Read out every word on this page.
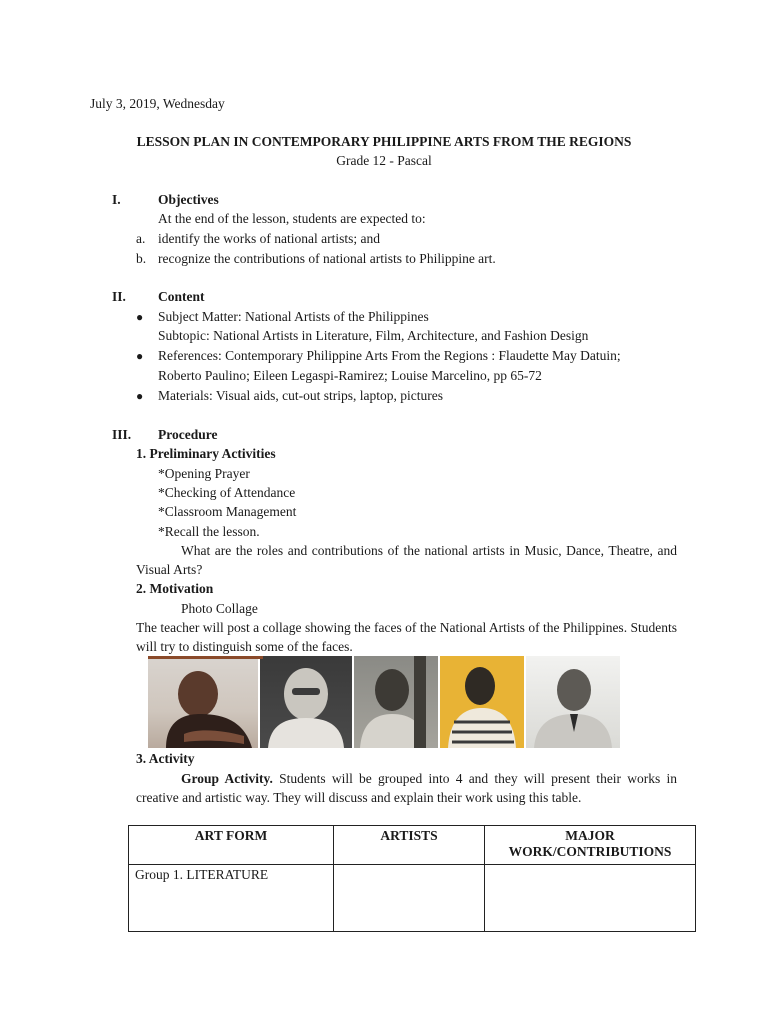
July 3, 2019, Wednesday
LESSON PLAN IN CONTEMPORARY PHILIPPINE ARTS FROM THE REGIONS
Grade 12 - Pascal
I.	Objectives
At the end of the lesson, students are expected to:
a. identify the works of national artists; and
b. recognize the contributions of national artists to Philippine art.
II. Content
● Subject Matter: National Artists of the Philippines
Subtopic: National Artists in Literature, Film, Architecture, and Fashion Design
● References: Contemporary Philippine Arts From the Regions : Flaudette May Datuin;
Roberto Paulino; Eileen Legaspi-Ramirez; Louise Marcelino, pp 65-72
● Materials: Visual aids, cut-out strips, laptop, pictures
III. Procedure
1. Preliminary Activities
*Opening Prayer
*Checking of Attendance
*Classroom Management
*Recall the lesson.
What are the roles and contributions of the national artists in Music, Dance, Theatre, and Visual Arts?
2. Motivation
Photo Collage
The teacher will post a collage showing the faces of the National Artists of the Philippines. Students will try to distinguish some of the faces.
3. Activity
Group Activity. Students will be grouped into 4 and they will present their works in creative and artistic way. They will discuss and explain their work using this table.
ART FORM	ARTISTS	MAJOR WORK/CONTRIBUTIONS
Group 1. LITERATURE		
